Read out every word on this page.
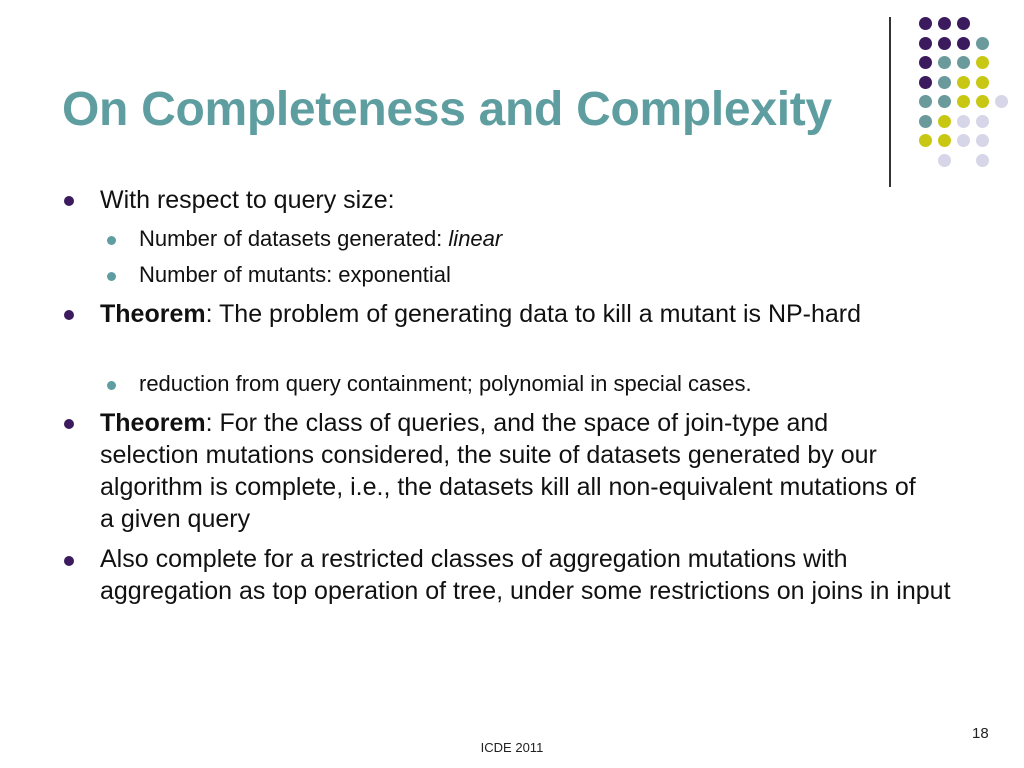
On Completeness and Complexity
With respect to query size:
Number of datasets generated: linear
Number of mutants: exponential
Theorem: The problem of generating data to kill a mutant is NP-hard
reduction from query containment; polynomial in special cases.
Theorem: For the class of queries, and the space of join-type and selection mutations considered, the suite of datasets generated by our algorithm is complete, i.e., the datasets kill all non-equivalent mutations of a given query
Also complete for a restricted classes of aggregation mutations with aggregation as top operation of tree, under some restrictions on joins in input
18
ICDE 2011
